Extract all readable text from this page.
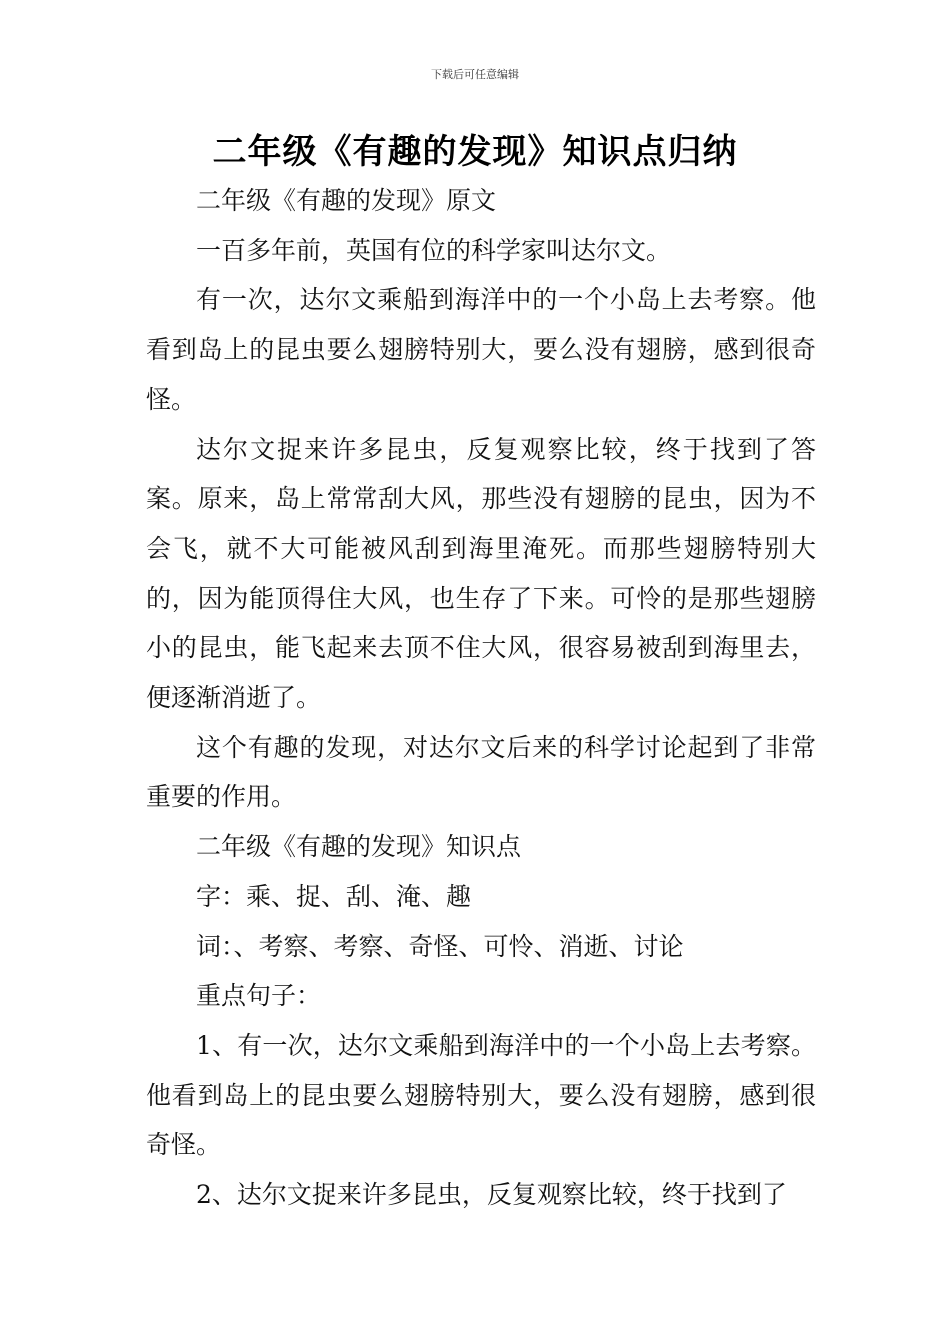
下载后可任意编辑
二年级《有趣的发现》知识点归纳

二年级《有趣的发现》原文

一百多年前，英国有位的科学家叫达尔文。

有一次，达尔文乘船到海洋中的一个小岛上去考察。他看到岛上的昆虫要么翅膀特别大，要么没有翅膀，感到很奇怪。

达尔文捉来许多昆虫，反复观察比较，终于找到了答案。原来，岛上常常刮大风，那些没有翅膀的昆虫，因为不会飞，就不大可能被风刮到海里淹死。而那些翅膀特别大的，因为能顶得住大风，也生存了下来。可怜的是那些翅膀小的昆虫，能飞起来去顶不住大风，很容易被刮到海里去，便逐渐消逝了。

这个有趣的发现，对达尔文后来的科学讨论起到了非常重要的作用。

二年级《有趣的发现》知识点

字：乘、捉、刮、淹、趣

词：、考察、考察、奇怪、可怜、消逝、讨论

重点句子：

1、有一次，达尔文乘船到海洋中的一个小岛上去考察。他看到岛上的昆虫要么翅膀特别大，要么没有翅膀，感到很奇怪。

2、达尔文捉来许多昆虫，反复观察比较，终于找到了
